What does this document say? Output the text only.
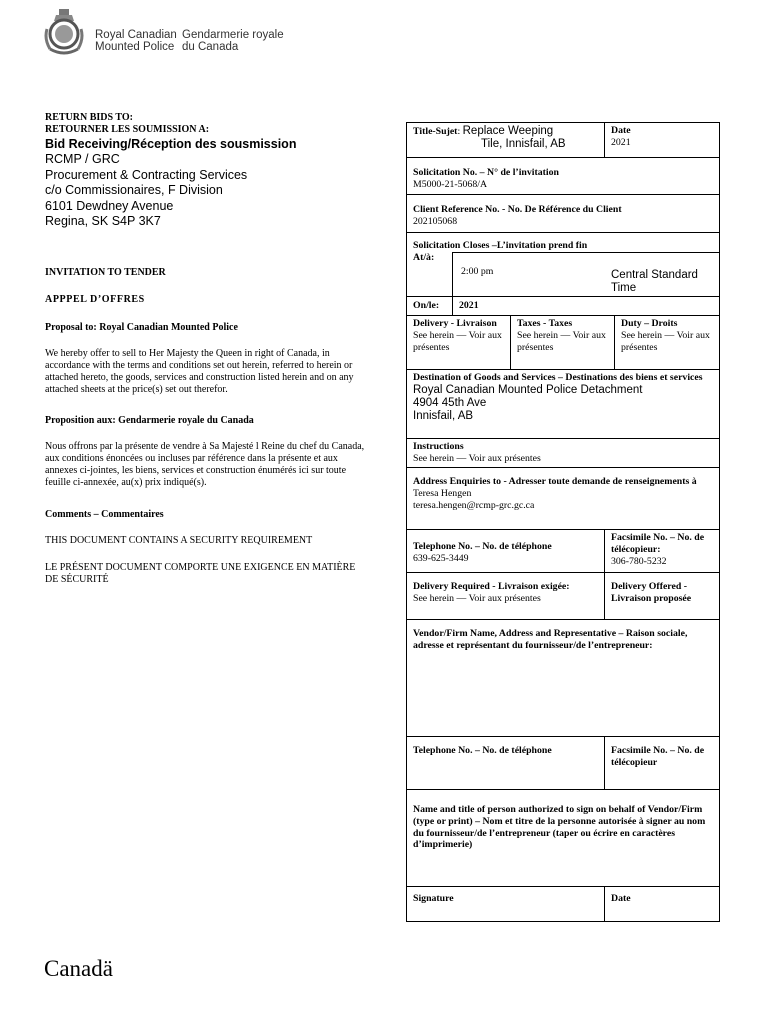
Royal Canadian
Mounted Police
Gendarmerie royale
du Canada
RETURN BIDS TO:
RETOURNER LES SOUMISSION A:
Bid Receiving/Réception des sousmission
RCMP / GRC
Procurement & Contracting Services
c/o Commissionaires, F Division
6101 Dewdney Avenue
Regina, SK S4P 3K7
INVITATION TO TENDER
APPPEL D’OFFRES
Proposal to: Royal Canadian Mounted Police
We hereby offer to sell to Her Majesty the Queen in right of Canada, in accordance with the terms and conditions set out herein, referred to herein or attached hereto, the goods, services and construction listed herein and on any attached sheets at the price(s) set out therefor.
Proposition aux: Gendarmerie royale du Canada
Nous offrons par la présente de vendre à Sa Majesté l Reine du chef du Canada, aux conditions énoncées ou incluses par référence dans la présente et aux annexes ci-jointes, les biens, services et construction énumérés ici sur toute feuille ci-annexée, au(x) prix indiqué(s).
Comments – Commentaires
THIS DOCUMENT CONTAINS A SECURITY REQUIREMENT
LE PRÉSENT DOCUMENT COMPORTE UNE EXIGENCE EN MATIÈRE DE SÉCURITÉ
Title-Sujet: Replace Weeping
Tile, Innisfail, AB
Date
2021
Solicitation No. – N° de l’invitation
M5000-21-5068/A
Client Reference No. - No. De Référence du Client
202105068
Solicitation Closes –L’invitation prend fin
At/à:
2:00 pm	Central Standard Time
On/le:	2021
Delivery - Livraison
See herein — Voir aux présentes
Taxes - Taxes
See herein — Voir aux présentes
Duty – Droits
See herein — Voir aux présentes
Destination of Goods and Services – Destinations des biens et services
Royal Canadian Mounted Police Detachment
4904 45th Ave
Innisfail, AB
Instructions
See herein — Voir aux présentes
Address Enquiries to - Adresser toute demande de renseignements à
Teresa Hengen
teresa.hengen@rcmp-grc.gc.ca
Telephone No. – No. de téléphone
639-625-3449
Facsimile No. – No. de télécopieur:
306-780-5232
Delivery Required - Livraison exigée:
See herein — Voir aux présentes
Delivery Offered - Livraison proposée
Vendor/Firm Name, Address and Representative – Raison sociale, adresse et représentant du fournisseur/de l’entrepreneur:
Telephone No. – No. de téléphone	Facsimile No. – No. de télécopieur
Name and title of person authorized to sign on behalf of Vendor/Firm (type or print) – Nom et titre de la personne autorisée à signer au nom du fournisseur/de l’entrepreneur (taper ou écrire en caractères d’imprimerie)
Signature	Date
Canadä
